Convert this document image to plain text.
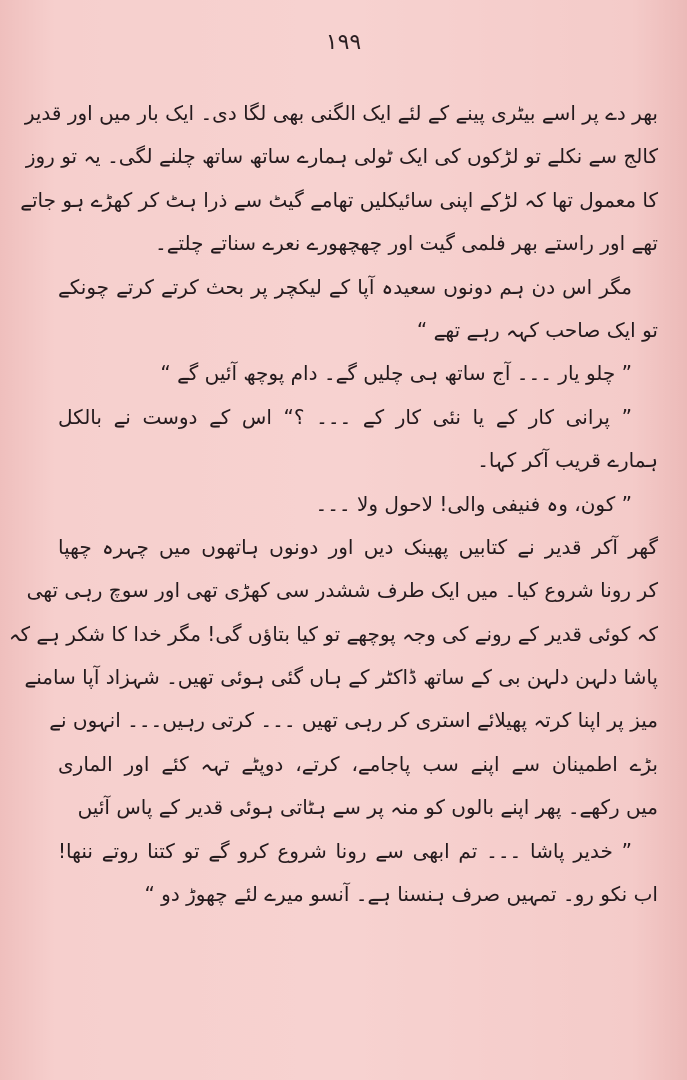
۱۹۹
بھر دے پر اسے بیٹری پینے کے لئے ایک الگنی بھی لگا دی۔ ایک بار میں اور قدیر
کالج سے نکلے تو لڑکوں کی ایک ٹولی ہمارے ساتھ ساتھ چلنے لگی۔ یہ تو روز
کا معمول تھا کہ لڑکے اپنی سائیکلیں تھامے گیٹ سے ذرا ہٹ کر کھڑے ہو جاتے
تھے اور راستے بھر فلمی گیت اور چھچھورے نعرے سناتے چلتے۔
مگر اس دن ہم دونوں سعیدہ آپا کے لیکچر پر بحث کرتے کرتے چونکے
تو ایک صاحب کہہ رہے تھے “
” چلو یار ۔۔۔ آج ساتھ ہی چلیں گے۔ دام پوچھ آئیں گے “
” پرانی کار کے یا نئی کار کے ۔۔۔ ؟“ اس کے دوست نے بالکل
ہمارے قریب آکر کہا۔
” کون، وہ فنیفی والی! لاحول ولا ۔۔۔
گھر آکر قدیر نے کتابیں پھینک دیں اور دونوں ہاتھوں میں چہرہ چھپا
کر رونا شروع کیا۔ میں ایک طرف ششدر سی کھڑی تھی اور سوچ رہی تھی
کہ کوئی قدیر کے رونے کی وجہ پوچھے تو کیا بتاؤں گی! مگر خدا کا شکر ہے کہ
پاشا دلہن دلہن بی کے ساتھ ڈاکٹر کے ہاں گئی ہوئی تھیں۔ شہزاد آپا سامنے
میز پر اپنا کرتہ پھیلائے استری کر رہی تھیں ۔۔۔ کرتی رہیں۔۔۔ انہوں نے
بڑے اطمینان سے اپنے سب پاجامے، کرتے، دوپٹے تہہ کئے اور الماری
میں رکھے۔ پھر اپنے بالوں کو منہ پر سے ہٹاتی ہوئی قدیر کے پاس آئیں
” خدیر پاشا ۔۔۔ تم ابھی سے رونا شروع کرو گے تو کتنا روتے ننھا!
اب نکو رو۔ تمہیں صرف ہنسنا ہے۔ آنسو میرے لئے چھوڑ دو “
